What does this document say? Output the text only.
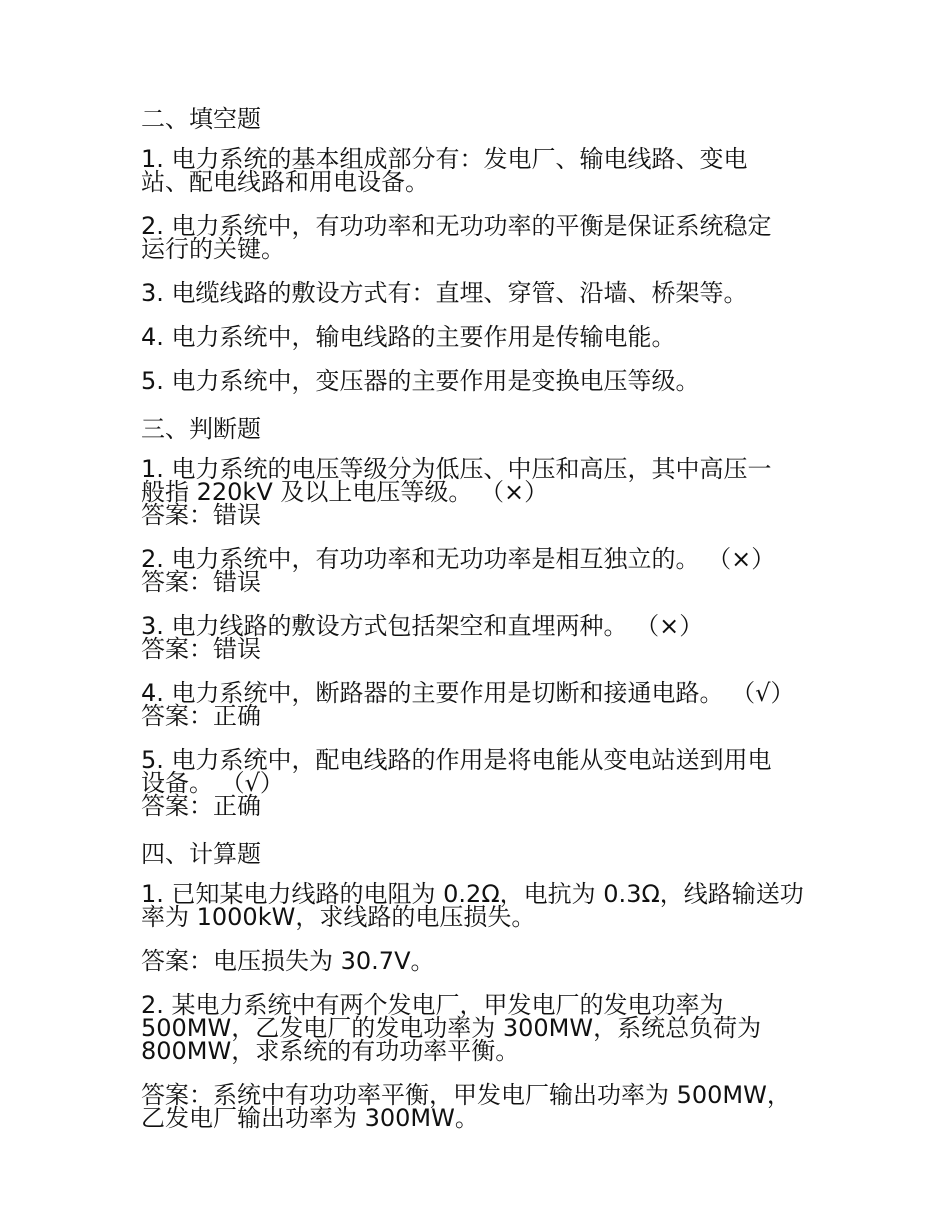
二、填空题
1. 电力系统的基本组成部分有：发电厂、输电线路、变电
站、配电线路和用电设备。
2. 电力系统中，有功功率和无功功率的平衡是保证系统稳定
运行的关键。
3. 电缆线路的敷设方式有：直埋、穿管、沿墙、桥架等。
4. 电力系统中，输电线路的主要作用是传输电能。
5. 电力系统中，变压器的主要作用是变换电压等级。
三、判断题
1. 电力系统的电压等级分为低压、中压和高压，其中高压一
般指 220kV 及以上电压等级。 （×）
答案：错误
2. 电力系统中，有功功率和无功功率是相互独立的。 （×）
答案：错误
3. 电力线路的敷设方式包括架空和直埋两种。 （×）
答案：错误
4. 电力系统中，断路器的主要作用是切断和接通电路。 （√）
答案：正确
5. 电力系统中，配电线路的作用是将电能从变电站送到用电
设备。 （√）
答案：正确
四、计算题
1. 已知某电力线路的电阻为 0.2Ω，电抗为 0.3Ω，线路输送功
率为 1000kW，求线路的电压损失。
答案：电压损失为 30.7V。
2. 某电力系统中有两个发电厂，甲发电厂的发电功率为
500MW，乙发电厂的发电功率为 300MW，系统总负荷为
800MW，求系统的有功功率平衡。
答案：系统中有功功率平衡，甲发电厂输出功率为 500MW，
乙发电厂输出功率为 300MW。
